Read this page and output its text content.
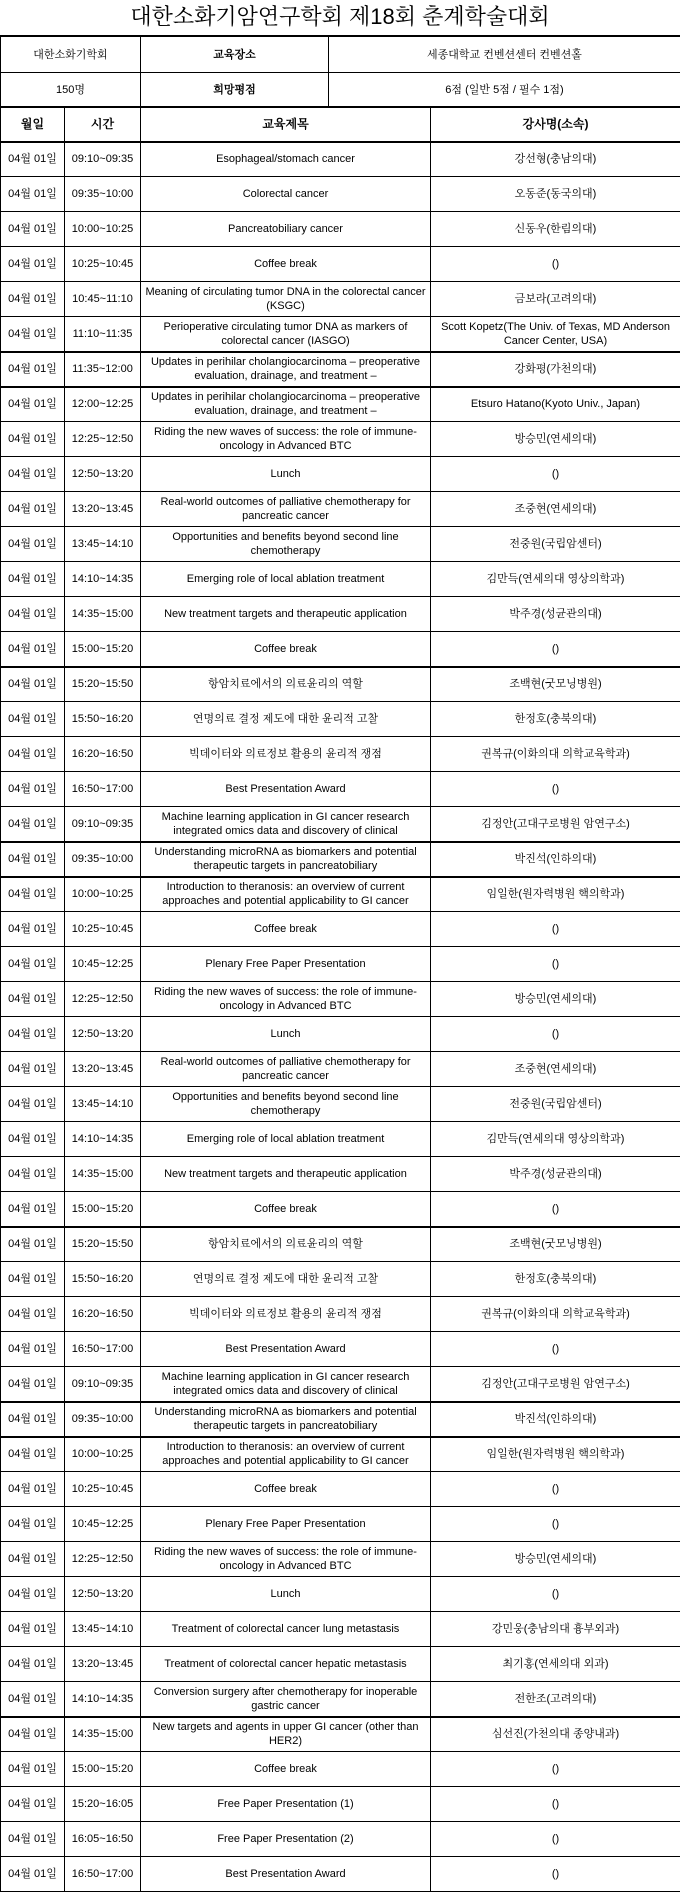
대한소화기암연구학회 제18회 춘계학술대회
대한소화기학회	교육장소	세종대학교 컨벤션센터 컨벤션홀
150명	희망평점	6점 (일반 5점 / 필수 1점)
월일	시간	교육제목	강사명(소속)

04월 01일	09:10~09:35	Esophageal/stomach cancer	강선형(충남의대)

04월 01일	09:35~10:00	Colorectal cancer	오동준(동국의대)

04월 01일	10:00~10:25	Pancreatobiliary cancer	신동우(한림의대)

04월 01일	10:25~10:45	Coffee break	()

04월 01일	10:45~11:10	Meaning of circulating tumor DNA in the colorectal cancer (KSGC)	금보라(고려의대)

04월 01일	11:10~11:35	Perioperative circulating tumor DNA as markers of colorectal cancer (IASGO)	Scott Kopetz(The Univ. of Texas, MD Anderson Cancer Center, USA)

04월 01일	11:35~12:00	Updates in perihilar cholangiocarcinoma – preoperative evaluation, drainage, and treatment –	강화평(가천의대)

04월 01일	12:00~12:25	Updates in perihilar cholangiocarcinoma – preoperative evaluation, drainage, and treatment –	Etsuro Hatano(Kyoto Univ., Japan)

04월 01일	12:25~12:50	Riding the new waves of success: the role of immune-oncology in Advanced BTC	방승민(연세의대)

04월 01일	12:50~13:20	Lunch	()

04월 01일	13:20~13:45	Real-world outcomes of palliative chemotherapy for pancreatic cancer	조중현(연세의대)

04월 01일	13:45~14:10	Opportunities and benefits beyond second line chemotherapy	전중원(국립암센터)

04월 01일	14:10~14:35	Emerging role of local ablation treatment	김만득(연세의대 영상의학과)

04월 01일	14:35~15:00	New treatment targets and therapeutic application	박주경(성균관의대)

04월 01일	15:00~15:20	Coffee break	()

04월 01일	15:20~15:50	항암치료에서의 의료윤리의 역할	조백현(굿모닝병원)

04월 01일	15:50~16:20	연명의료 결정 제도에 대한 윤리적 고찰	한정호(충북의대)

04월 01일	16:20~16:50	빅데이터와 의료정보 활용의 윤리적 쟁점	권복규(이화의대 의학교육학과)

04월 01일	16:50~17:00	Best Presentation Award	()

04월 01일	09:10~09:35	Machine learning application in GI cancer research integrated omics data and discovery of clinical	김정안(고대구로병원 암연구소)

04월 01일	09:35~10:00	Understanding microRNA as biomarkers and potential therapeutic targets in pancreatobiliary	박진석(인하의대)

04월 01일	10:00~10:25	Introduction to theranosis: an overview of current approaches and potential applicability to GI cancer	임일한(원자력병원 핵의학과)

04월 01일	10:25~10:45	Coffee break	()

04월 01일	10:45~12:25	Plenary Free Paper Presentation	()

04월 01일	12:25~12:50	Riding the new waves of success: the role of immune-oncology in Advanced BTC	방승민(연세의대)

04월 01일	12:50~13:20	Lunch	()

04월 01일	13:20~13:45	Real-world outcomes of palliative chemotherapy for pancreatic cancer	조중현(연세의대)

04월 01일	13:45~14:10	Opportunities and benefits beyond second line chemotherapy	전중원(국립암센터)

04월 01일	14:10~14:35	Emerging role of local ablation treatment	김만득(연세의대 영상의학과)

04월 01일	14:35~15:00	New treatment targets and therapeutic application	박주경(성균관의대)

04월 01일	15:00~15:20	Coffee break	()

04월 01일	15:20~15:50	항암치료에서의 의료윤리의 역할	조백현(굿모닝병원)

04월 01일	15:50~16:20	연명의료 결정 제도에 대한 윤리적 고찰	한정호(충북의대)

04월 01일	16:20~16:50	빅데이터와 의료정보 활용의 윤리적 쟁점	권복규(이화의대 의학교육학과)

04월 01일	16:50~17:00	Best Presentation Award	()

04월 01일	09:10~09:35	Machine learning application in GI cancer research integrated omics data and discovery of clinical	김정안(고대구로병원 암연구소)

04월 01일	09:35~10:00	Understanding microRNA as biomarkers and potential therapeutic targets in pancreatobiliary	박진석(인하의대)

04월 01일	10:00~10:25	Introduction to theranosis: an overview of current approaches and potential applicability to GI cancer	임일한(원자력병원 핵의학과)

04월 01일	10:25~10:45	Coffee break	()

04월 01일	10:45~12:25	Plenary Free Paper Presentation	()

04월 01일	12:25~12:50	Riding the new waves of success: the role of immune-oncology in Advanced BTC	방승민(연세의대)

04월 01일	12:50~13:20	Lunch	()

04월 01일	13:45~14:10	Treatment of colorectal cancer lung metastasis	강민웅(충남의대 흉부외과)

04월 01일	13:20~13:45	Treatment of colorectal cancer hepatic metastasis	최기홍(연세의대 외과)

04월 01일	14:10~14:35	Conversion surgery after chemotherapy for inoperable gastric cancer	전한조(고려의대)

04월 01일	14:35~15:00	New targets and agents in upper GI cancer (other than HER2)	심선진(가천의대 종양내과)

04월 01일	15:00~15:20	Coffee break	()

04월 01일	15:20~16:05	Free Paper Presentation (1)	()

04월 01일	16:05~16:50	Free Paper Presentation (2)	()

04월 01일	16:50~17:00	Best Presentation Award	()
